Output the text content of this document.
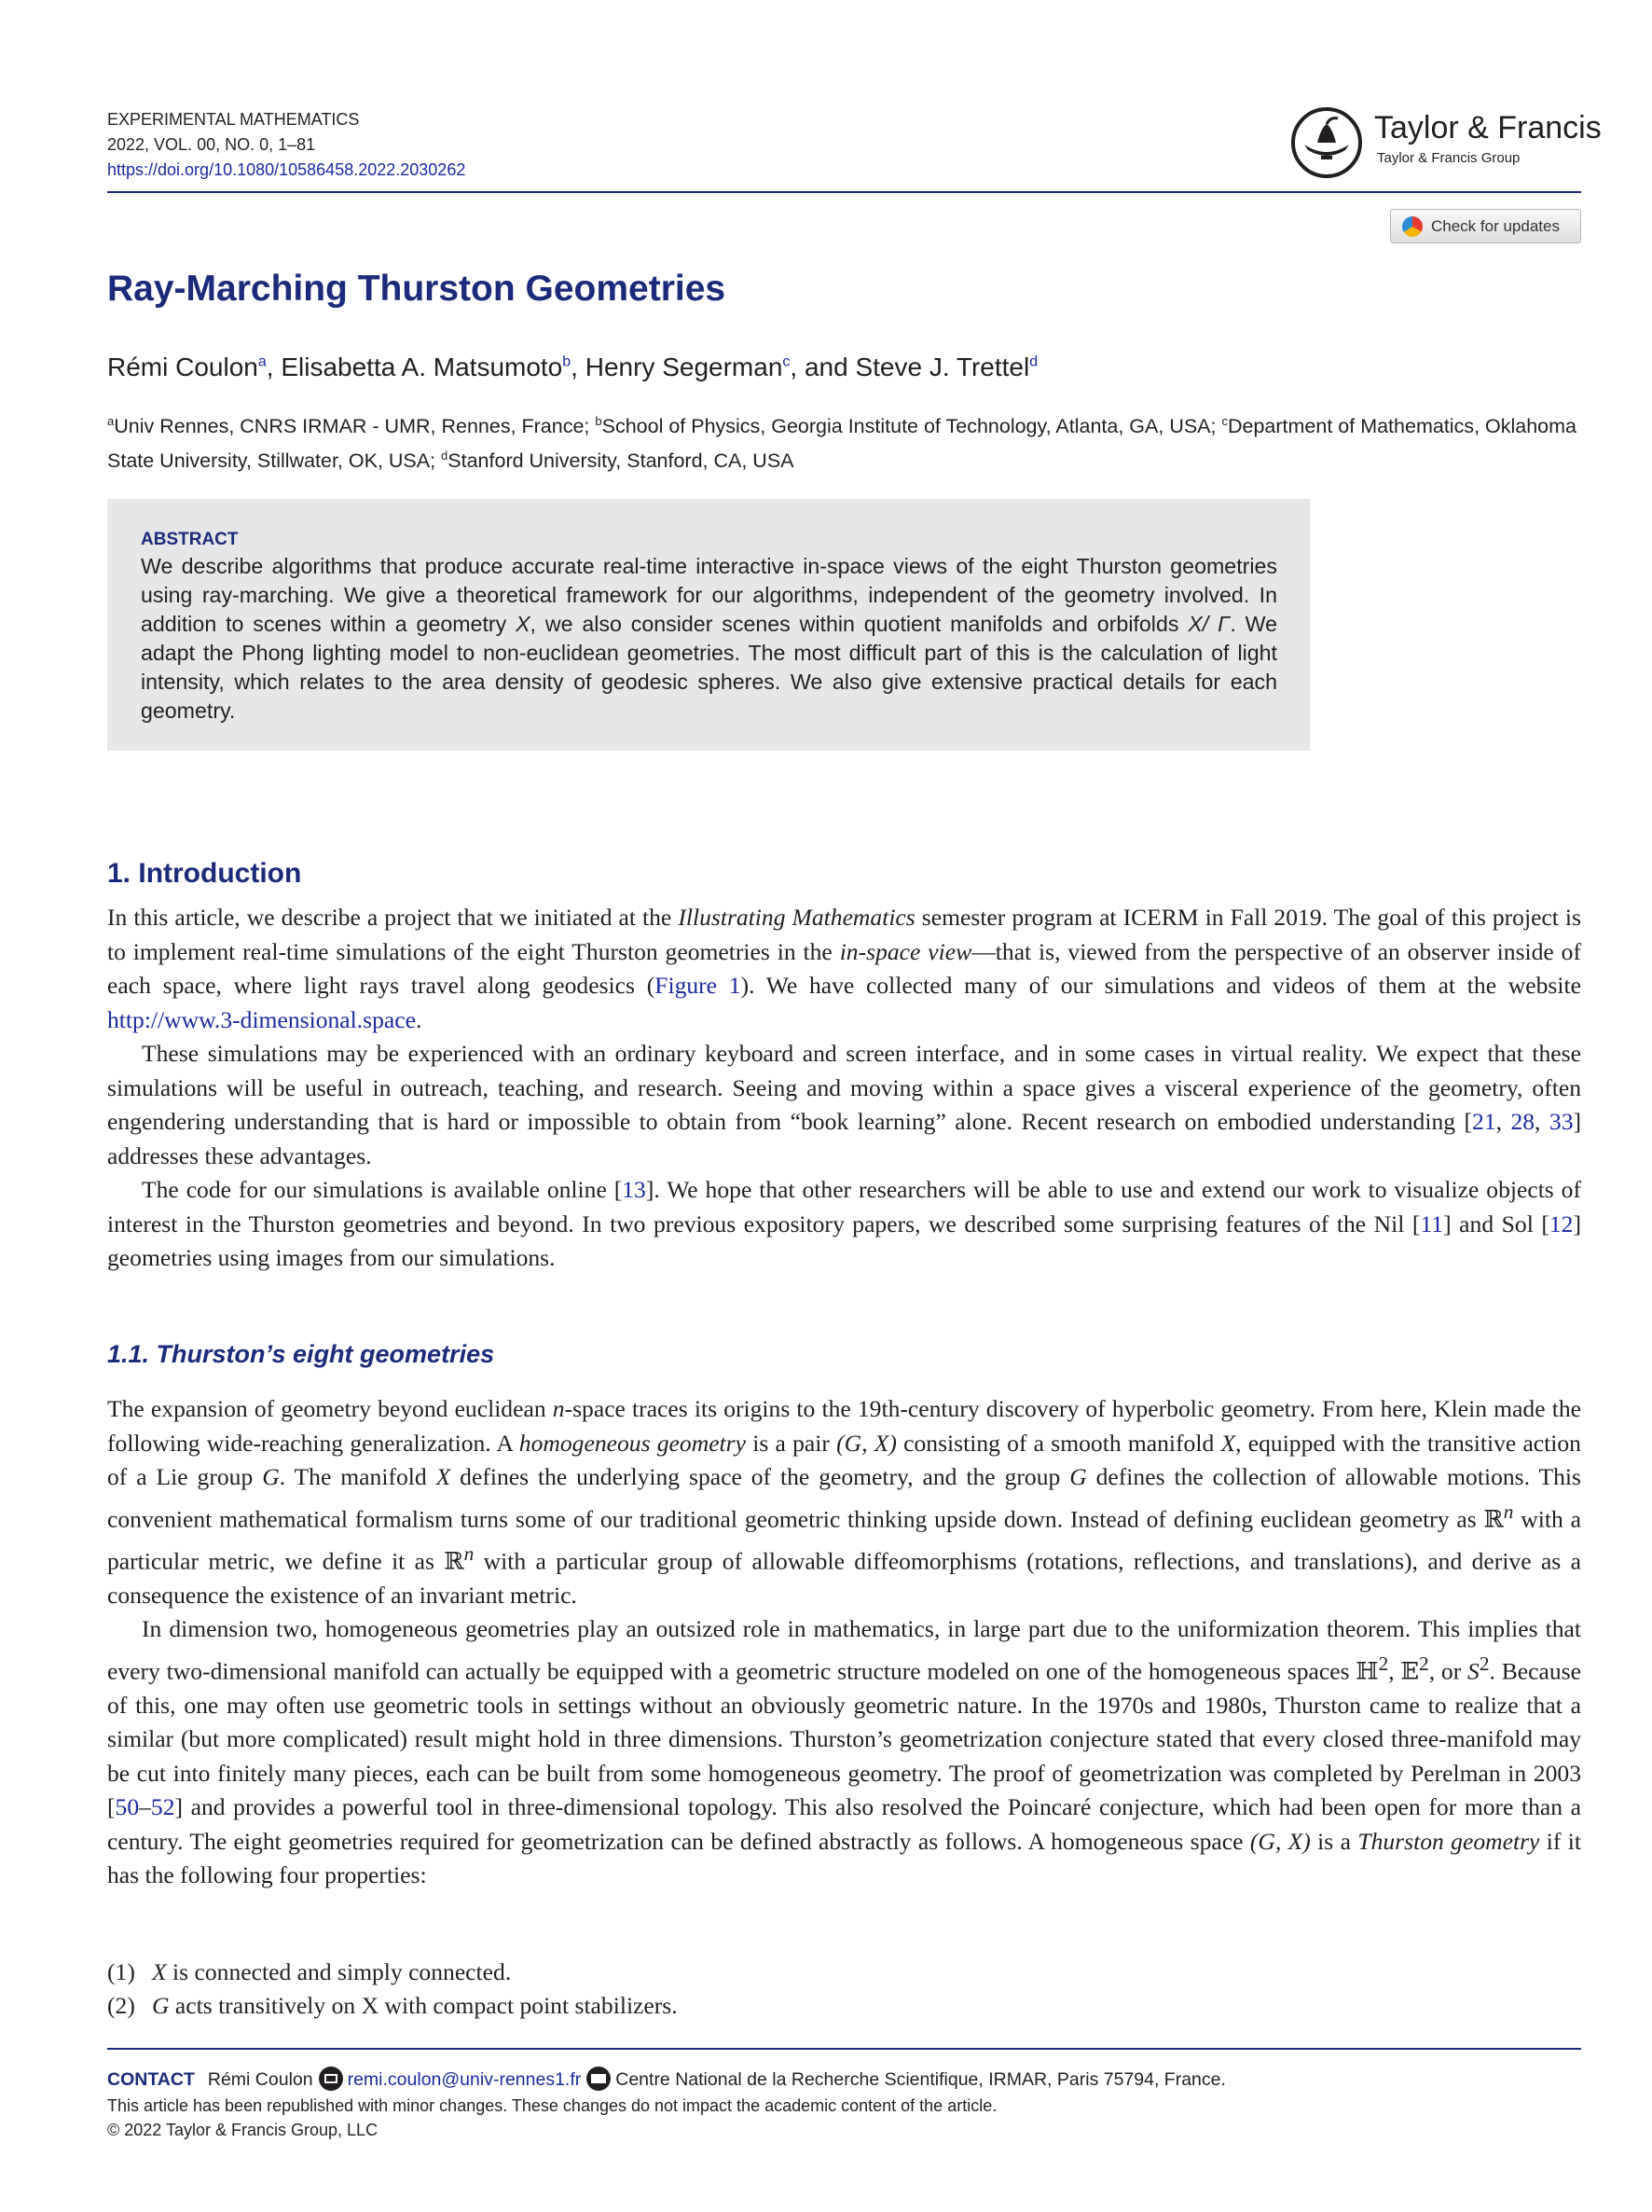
EXPERIMENTAL MATHEMATICS
2022, VOL. 00, NO. 0, 1–81
https://doi.org/10.1080/10586458.2022.2030262
Taylor & Francis
Taylor & Francis Group
Check for updates
Ray-Marching Thurston Geometries
Rémi Coulon$^a$, Elisabetta A. Matsumoto$^b$, Henry Segerman$^c$, and Steve J. Trettel$^d$
$^a$Univ Rennes, CNRS IRMAR - UMR, Rennes, France; $^b$School of Physics, Georgia Institute of Technology, Atlanta, GA, USA; $^c$Department of Mathematics, Oklahoma State University, Stillwater, OK, USA; $^d$Stanford University, Stanford, CA, USA
ABSTRACT
We describe algorithms that produce accurate real-time interactive in-space views of the eight Thurston geometries using ray-marching. We give a theoretical framework for our algorithms, independent of the geometry involved. In addition to scenes within a geometry X, we also consider scenes within quotient manifolds and orbifolds X/ Γ. We adapt the Phong lighting model to non-euclidean geometries. The most difficult part of this is the calculation of light intensity, which relates to the area density of geodesic spheres. We also give extensive practical details for each geometry.
1. Introduction

In this article, we describe a project that we initiated at the Illustrating Mathematics semester program at ICERM in Fall 2019. The goal of this project is to implement real-time simulations of the eight Thurston geometries in the in-space view—that is, viewed from the perspective of an observer inside of each space, where light rays travel along geodesics (Figure 1). We have collected many of our simulations and videos of them at the website http://www.3-dimensional.space.

These simulations may be experienced with an ordinary keyboard and screen interface, and in some cases in virtual reality. We expect that these simulations will be useful in outreach, teaching, and research. Seeing and moving within a space gives a visceral experience of the geometry, often engendering understanding that is hard or impossible to obtain from “book learning” alone. Recent research on embodied understanding [21, 28, 33] addresses these advantages.

The code for our simulations is available online [13]. We hope that other researchers will be able to use and extend our work to visualize objects of interest in the Thurston geometries and beyond. In two previous expository papers, we described some surprising features of the Nil [11] and Sol [12] geometries using images from our simulations.

1.1. Thurston’s eight geometries

The expansion of geometry beyond euclidean n-space traces its origins to the 19th-century discovery of hyperbolic geometry. From here, Klein made the following wide-reaching generalization. A homogeneous geometry is a pair (G, X) consisting of a smooth manifold X, equipped with the transitive action of a Lie group G. The manifold X defines the underlying space of the geometry, and the group G defines the collection of allowable motions. This convenient mathematical formalism turns some of our traditional geometric thinking upside down. Instead of defining euclidean geometry as ℝ$^n$ with a particular metric, we define it as ℝ$^n$ with a particular group of allowable diffeomorphisms (rotations, reflections, and translations), and derive as a consequence the existence of an invariant metric.

In dimension two, homogeneous geometries play an outsized role in mathematics, in large part due to the uniformization theorem. This implies that every two-dimensional manifold can actually be equipped with a geometric structure modeled on one of the homogeneous spaces ℍ$^2$, 𝔼$^2$, or $S^2$. Because of this, one may often use geometric tools in settings without an obviously geometric nature. In the 1970s and 1980s, Thurston came to realize that a similar (but more complicated) result might hold in three dimensions. Thurston’s geometrization conjecture stated that every closed three-manifold may be cut into finitely many pieces, each can be built from some homogeneous geometry. The proof of geometrization was completed by Perelman in 2003 [50–52] and provides a powerful tool in three-dimensional topology. This also resolved the Poincaré conjecture, which had been open for more than a century. The eight geometries required for geometrization can be defined abstractly as follows. A homogeneous space (G, X) is a Thurston geometry if it has the following four properties:

(1) X is connected and simply connected.
(2) G acts transitively on X with compact point stabilizers.
CONTACT Rémi Coulon remi.coulon@univ-rennes1.fr Centre National de la Recherche Scientifique, IRMAR, Paris 75794, France.
This article has been republished with minor changes. These changes do not impact the academic content of the article.
© 2022 Taylor & Francis Group, LLC
